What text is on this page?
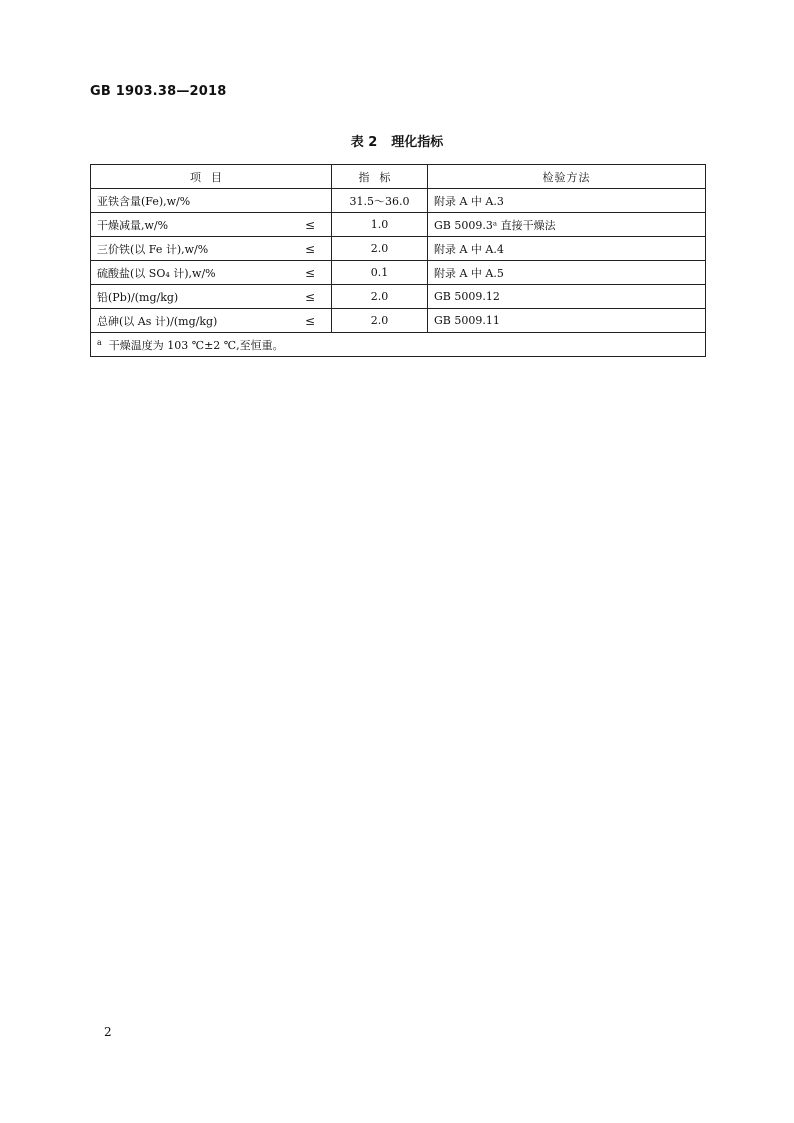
GB 1903.38—2018
表 2 理化指标
项目	指标	检验方法

亚铁含量(Fe),w/%	31.5～36.0	附录 A 中 A.3

干燥减量,w/% ≤	1.0	GB 5009.3ᵃ 直接干燥法

三价铁(以 Fe 计),w/% ≤	2.0	附录 A 中 A.4

硫酸盐(以 SO₄ 计),w/% ≤	0.1	附录 A 中 A.5

铅(Pb)/(mg/kg) ≤	2.0	GB 5009.12

总砷(以 As 计)/(mg/kg) ≤	2.0	GB 5009.11
$^a$ 干燥温度为 103 ℃±2 ℃,至恒重。		
2
